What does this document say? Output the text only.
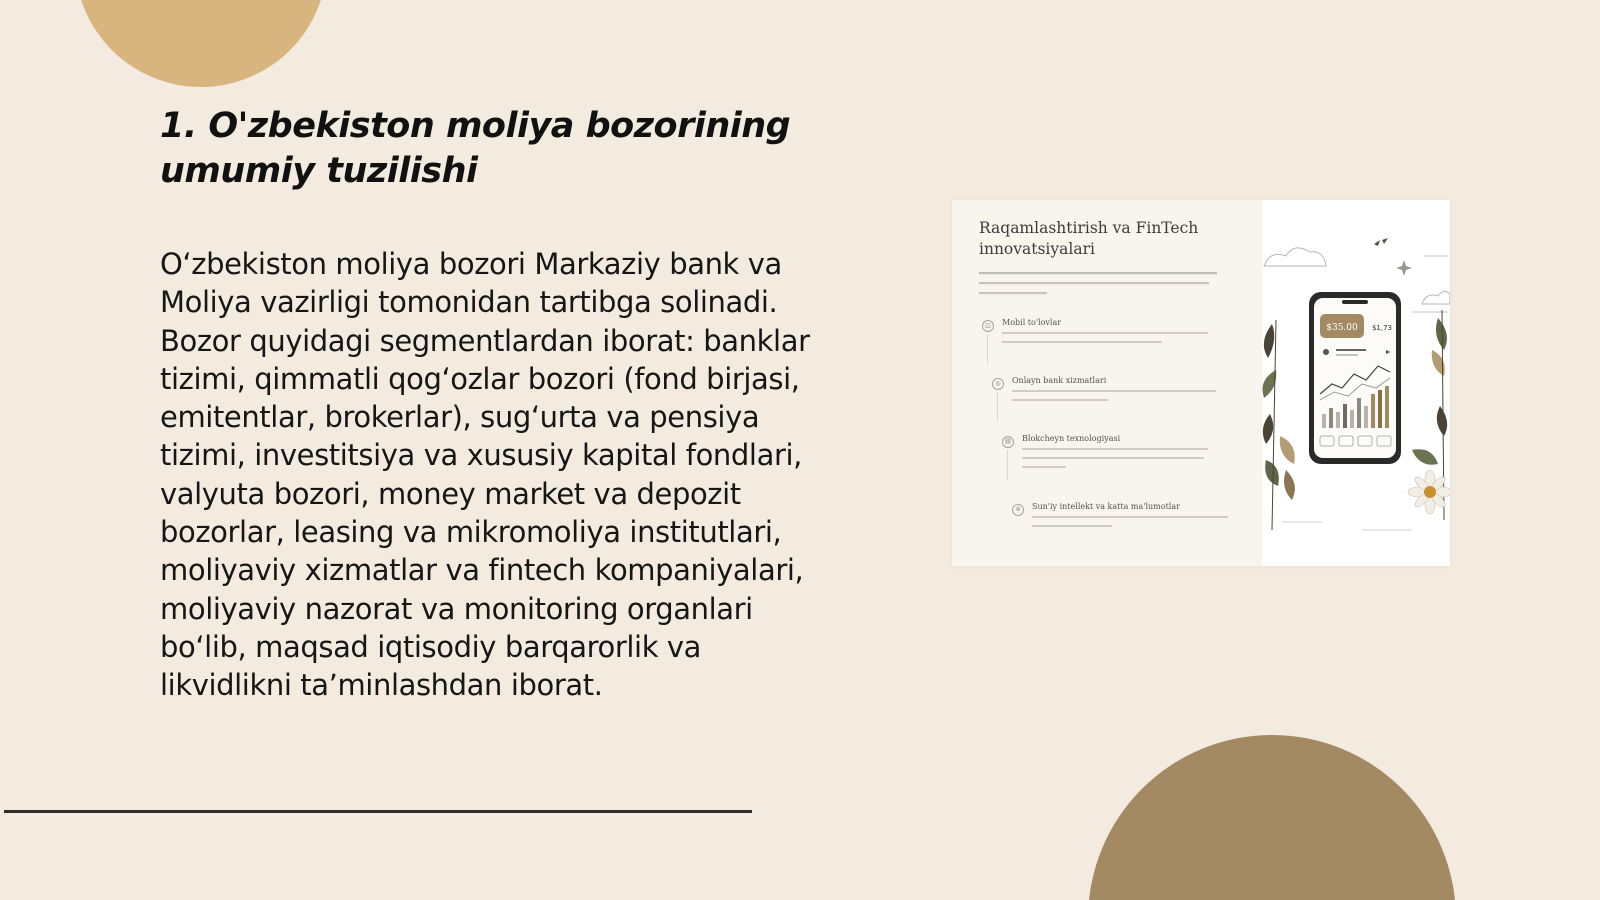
1. O'zbekiston moliya bozorining umumiy tuzilishi

O‘zbekiston moliya bozori Markaziy bank va Moliya vazirligi tomonidan tartibga solinadi. Bozor quyidagi segmentlardan iborat: banklar tizimi, qimmatli qog‘ozlar bozori (fond birjasi, emitentlar, brokerlar), sug‘urta va pensiya tizimi, investitsiya va xususiy kapital fondlari, valyuta bozori, money market va depozit bozorlar, leasing va mikromoliya institutlari, moliyaviy xizmatlar va fintech kompaniyalari, moliyaviy nazorat va monitoring organlari bo‘lib, maqsad iqtisodiy barqarorlik va likvidlikni ta’minlashdan iborat.

Raqamlashtirish va FinTech innovatsiyalari
◱	Mobil to'lovlar
◎	Onlayn bank xizmatlari
⛓ Blokcheyn texnologiyasi
✲	Sun'iy intellekt va katta ma'lumotlar
$35.00 $1,73
